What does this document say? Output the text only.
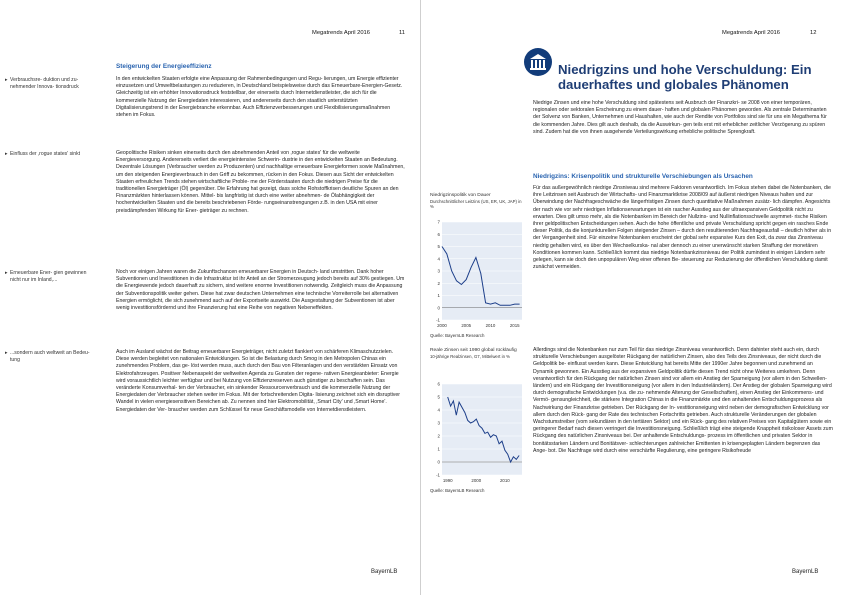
Megatrends April 2016	11
Steigerung der Energieeffizienz
▸ Verbrauchsre- duktion und zu- nehmender Innova- tionsdruck
▸ Einfluss der ‚rogue states' sinkt
▸ Erneuerbare Ener- gien gewinnen nicht nur im Inland,...
▸ ...sondern auch weltweit an Bedeu- tung
In den entwickelten Staaten erfolgte eine Anpassung der Rahmenbedingungen und Regu- lierungen, um Energie effizienter einzusetzen und Umweltbelastungen zu reduzieren, in Deutschland beispielsweise durch das Erneuerbare-Energien-Gesetz. Gleichzeitig ist ein erhöhter Innovationsdruck feststellbar, der einerseits durch Internetdienstleister, die sich für die kommerzielle Nutzung der Energiedaten interessieren, und andererseits durch den staatlich unterstützten Digitalisierungstrend in der Energiebranche erkennbar. Auch Effizienzverbesserungen und Flexibilisierungsmaßnahmen stehen im Fokus.
Geopolitische Risiken sinken einerseits durch den abnehmenden Anteil von ‚rogue states' für die weltweite Energieversorgung. Andererseits verliert die energieintensive Schwerin- dustrie in den entwickelten Staaten an Bedeutung. Dezentrale Lösungen (Verbraucher werden zu Produzenten) und nachhaltige erneuerbare Energieformen sowie Maßnahmen, um den steigenden Energieverbrauch in den Griff zu bekommen, rücken in den Fokus. Diesen aus Sicht der entwickelten Staaten erfreulichen Trends stehen wirtschaftliche Proble- me der Förderstaaten durch die niedrigen Preise für die traditionellen Energieträger (Öl) gegenüber. Die Erfahrung hat gezeigt, dass solche Rohstoffkrisen deutliche Spuren an den Finanzmärkten hinterlassen können. Mittel- bis langfristig ist durch eine weiter abnehmen- de Ölabhängigkeit der hochentwickelten Staaten und die bereits beschriebenen Förde- rungseinanstrengungen z.B. in den USA mit einer preisdämpfenden Wirkung für Ener- gieträger zu rechnen.
Noch vor einigen Jahren waren die Zukunftschancen erneuerbarer Energien in Deutsch- land umstritten. Dank hoher Subventionen und Investitionen in die Infrastruktur ist ihr Anteil an der Stromerzeugung jedoch bereits auf 30% gestiegen. Um die Energiewende jedoch dauerhaft zu sichern, sind weitere enorme Investitionen notwendig. Zeitgleich muss die Anpassung der Subventionspolitik weiter gehen. Diese hat zwar deutschen Unternehmen eine technische Vorreiterrolle bei alternativen Energien ermöglicht, die sich zunehmend auch auf der Exportseite auswirkt. Die Ausgestaltung der Subventionen ist aber wenig investitionsfördernd und ihre Finanzierung hat eine Reihe von negativen Nebeneffekten.
Auch im Ausland wächst der Beitrag erneuerbarer Energieträger, nicht zuletzt flankiert von schärferen Klimaschutzzielen. Diese werden begleitet von nationalen Entwicklungen. So ist die Belastung durch Smog in den Metropolen Chinas ein zunehmendes Problem, das ge- löst werden muss, auch durch den Bau von Filteranlagen und den verstärkten Einsatz von Elektrofahrzeugen. Positiver Nebenaspekt der weltweiten Agenda zu Gunsten der regene- rativen Energieanbieter: Energie wird voraussichtlich leichter verfügbar und bei Nutzung von Effizienzreserven auch günstiger zu beschaffen sein. Das veränderte Konsumverhal- ten der Verbraucher, ein sinkender Ressourcenverbrauch und die kommerzielle Nutzung der Energiedaten der Verbraucher stehen weiter im Fokus. Mit der fortschreitenden Digita- lisierung zeichnet sich ein disruptiver Wandel in vielen energiesensitiven Bereichen ab. Zu nennen sind hier Elektromobilität, ‚Smart City' und ‚Smart Home'. Energiedaten der Ver- braucher werden zum Schlüssel für neue Geschäftsmodelle von Internetdienstleistern.
BayernLB
Megatrends April 2016	12
Niedrigzins und hohe Verschuldung: Ein dauerhaftes und globales Phänomen
Niedrige Zinsen und eine hohe Verschuldung sind spätestens seit Ausbruch der Finanzkri- se 2008 von einer temporären, regionalen oder sektoralen Erscheinung zu einem dauer- haften und globalen Phänomen geworden. Als zentrale Determinanten der Solvenz von Banken, Unternehmen und Haushalten, wie auch der Rendite von Portfolios sind sie für uns ein Megathema für die kommenden Jahre. Dies gilt auch deshalb, da die Auswirkun- gen teils erst mit erheblicher zeitlicher Verzögerung zu spüren sind. Zudem hat die von ihnen ausgehende Verteilungswirkung erhebliche politische Sprengkraft.
Niedrigzins: Krisenpolitik und strukturelle Verschiebungen als Ursachen
Für das außergewöhnlich niedrige Zinsniveau sind mehrere Faktoren verantwortlich. Im Fokus stehen dabei die Notenbanken, die ihre Leitzinsen seit Ausbruch der Wirtschafts- und Finanzmarktkrise 2008/09 auf äußerst niedrigen Niveaus halten und zur Überwindung der Nachfrageschwäche die längerfristigen Zinsen durch quantitative Maßnahmen zusätz- lich dämpfen. Angesichts der nach wie vor sehr niedrigen Inflationserwartungen ist ein rascher Ausstieg aus der ultraexpansiven Geldpolitik nicht zu erwarten. Dies gilt umso mehr, als die Notenbanken im Bereich der Nullzins- und Nullinflationsschwelle asymmet- rische Risiken ihrer geldpolitischen Entscheidungen sehen. Auch die hohe öffentliche und private Verschuldung spricht gegen ein rasches Ende dieser Politik, da die konjunkturellen Folgen steigender Zinsen – durch den resultierenden Nachfrageausfall – deutlich höher als in der Vergangenheit sind. Für einzelne Notenbanken erscheint der global sehr expansive Kurs den Exit, da zwar das Zinsniveau niedrig gehalten wird, es über den Wechselkurska- nal aber dennoch zu einer unerwünscht starken Straffung der monetären Konditionen kommen kann. Schließlich kommt das niedrige Notenbankzinsniveau der Politik zumindest in einigen Ländern sehr gelegen, kann sie doch den unpopulären Weg einer offenen Be- steuerung zur Reduzierung der öffentlichen Verschuldung damit zunächst vermeiden.
Allerdings sind die Notenbanken nur zum Teil für das niedrige Zinsniveau verantwortlich. Denn dahinter steht auch ein, durch strukturelle Verschiebungen ausgelöster Rückgang der natürlichen Zinsen, also des Teils des Zinsniveaus, der nicht durch die Geldpolitik be- einflusst werden kann. Diese Entwicklung hat bereits Mitte der 1990er Jahre begonnen und zunehmend an Dynamik gewonnen. Ein Ausstieg aus der expansiven Geldpolitik dürfte diesen Trend nicht ohne Weiteres umkehren. Denn verantwortlich für den Rückgang der natürlichen Zinsen sind vor allem ein Anstieg der Sparneigung (vor allem in den Schwellen- ländern) und ein Rückgang der Investitionsneigung (vor allem in den Industrieländern). Der Anstieg der globalen Sparneigung wird durch demografische Entwicklungen (v.a. die zu- nehmende Alterung der Gesellschaften), einen Anstieg der Einkommens- und Vermö- gensungleichheit, die stärkere Integration Chinas in die Finanzmärkte und den anhaltenden Entschuldungsprozess als Nachwirkung der Finanzkrise getrieben. Der Rückgang der In- vestitionsneigung wird neben der demografischen Entwicklung vor allem durch den Rück- gang der Rate des technischen Fortschritts getrieben. Auch strukturelle Veränderungen der globalen Wachstumstreiber (vom sekundären in den tertiären Sektor) und ein Rück- gang des relativen Preises von Kapitalgütern sowie ein geringerer Bedarf nach diesen verringert die Investitionsneigung. Schließlich trägt eine steigende Knappheit risikoloser Assets zum Rückgang des natürlichen Zinsniveaus bei. Der anhaltende Entschuldungs- prozess im öffentlichen und privaten Sektor in bonitätsstarken Ländern und Bonitätsver- schlechterungen zahlreicher Emittenten in krisengeplagten Ländern begrenzen das Ange- bot. Die Nachfrage wird durch eine verschärfte Regulierung, eine geringere Risikofreude
Niedrigzinspolitik von Dauer
Durchschnittlicher Leitzins (US, ER, UK, JAP) in %
-1
0
1
2
3
4
5
6
7
2000	2005	2010	2015
Quelle: BayernLB Research
Reale Zinsen seit 1990 global rückläufig
10-jährige Realzinsen, G7, Mittelwert in %
-1
0
1
2
3
4
5
6
1990	2000	2010
Quelle: BayernLB Research
BayernLB
